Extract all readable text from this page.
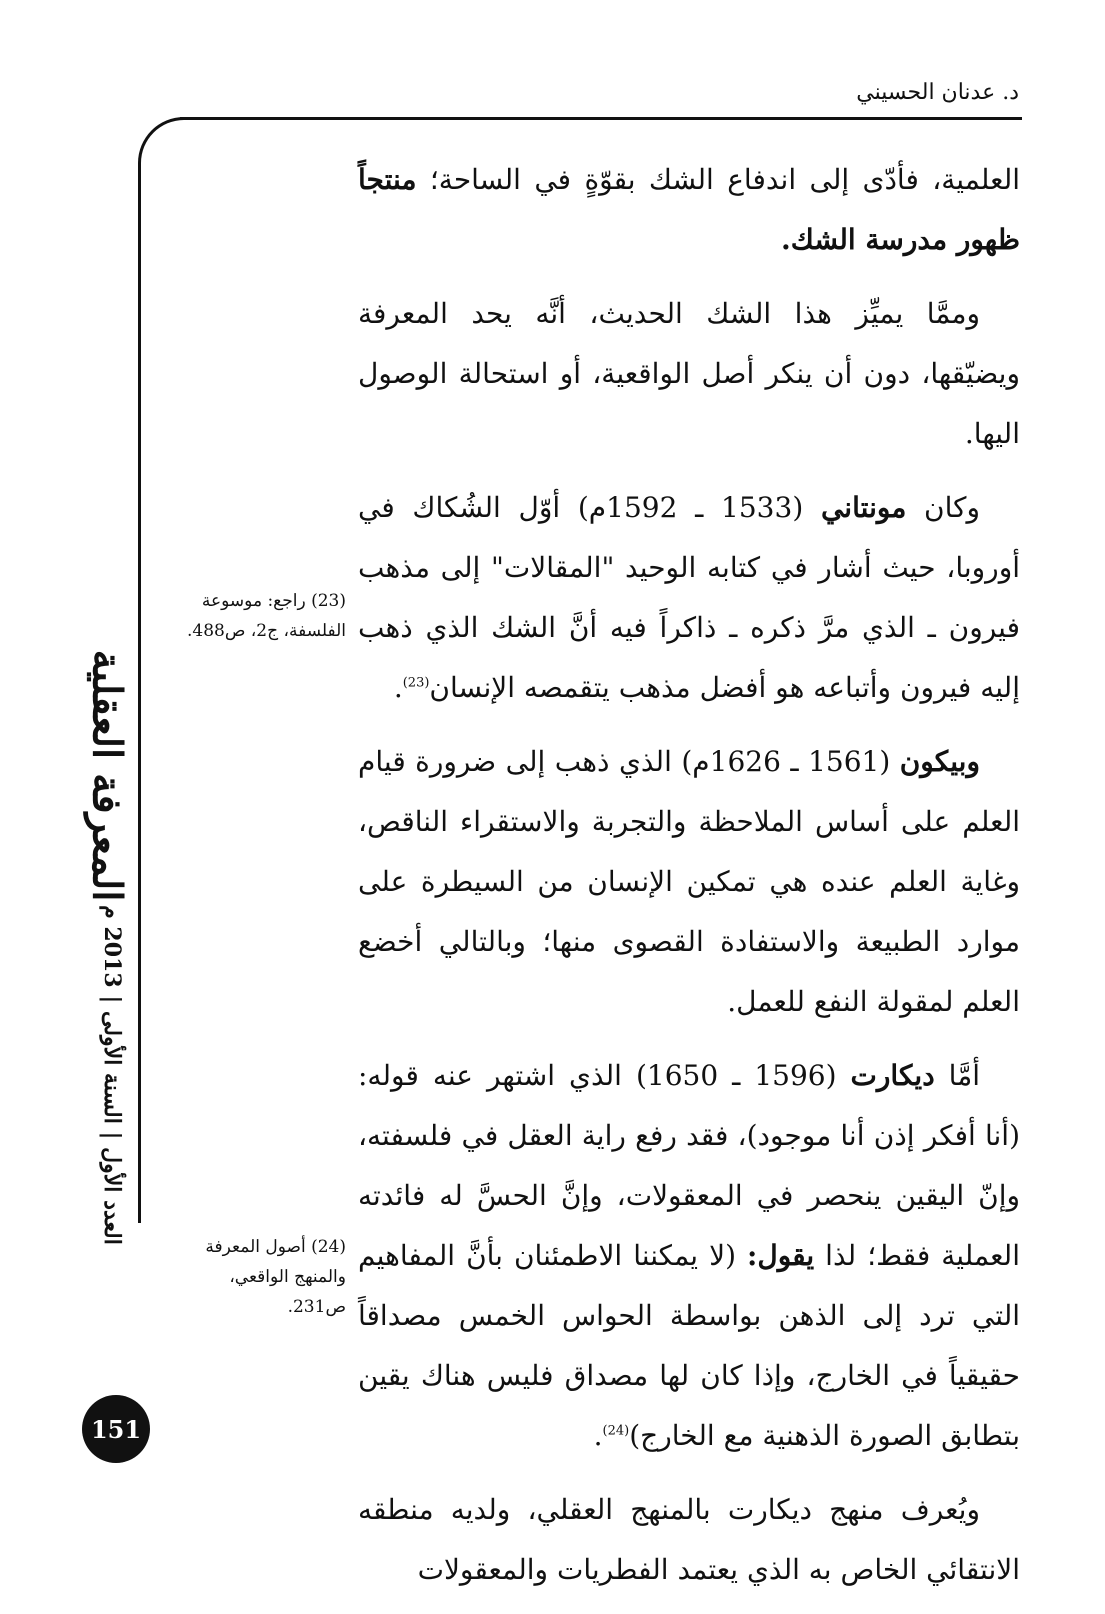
د. عدنان الحسيني

العلمية، فأدّى إلى اندفاع الشك بقوّةٍ في الساحة؛ منتجاً ظهور مدرسة الشك.

وممَّا يميِّز هذا الشك الحديث، أنَّه يحد المعرفة ويضيّقها، دون أن ينكر أصل الواقعية، أو استحالة الوصول اليها.

وكان مونتاني (1533 ـ 1592م) أوّل الشُكاك في أوروبا، حيث أشار في كتابه الوحيد "المقالات" إلى مذهب فيرون ـ الذي مرَّ ذكره ـ ذاكراً فيه أنَّ الشك الذي ذهب إليه فيرون وأتباعه هو أفضل مذهب يتقمصه الإنسان$^{(23)}$.

وبيكون (1561 ـ 1626م) الذي ذهب إلى ضرورة قيام العلم على أساس الملاحظة والتجربة والاستقراء الناقص، وغاية العلم عنده هي تمكين الإنسان من السيطرة على موارد الطبيعة والاستفادة القصوى منها؛ وبالتالي أخضع العلم لمقولة النفع للعمل.

أمَّا ديكارت (1596 ـ 1650) الذي اشتهر عنه قوله: (أنا أفكر إذن أنا موجود)، فقد رفع راية العقل في فلسفته، وإنّ اليقين ينحصر في المعقولات، وإنَّ الحسَّ له فائدته العملية فقط؛ لذا يقول: (لا يمكننا الاطمئنان بأنَّ المفاهيم التي ترد إلى الذهن بواسطة الحواس الخمس مصداقاً حقيقياً في الخارج، وإذا كان لها مصداق فليس هناك يقين بتطابق الصورة الذهنية مع الخارج)$^{(24)}$.

ويُعرف منهج ديكارت بالمنهج العقلي، ولديه منطقه الانتقائي الخاص به الذي يعتمد الفطريات والمعقولات

(23) راجع: موسوعة الفلسفة، ج2، ص488.
(24) أصول المعرفة والمنهج الواقعي، ص231.
المعرفة العقلية
العدد الأول | السنة الأولى | 2013 م
151
